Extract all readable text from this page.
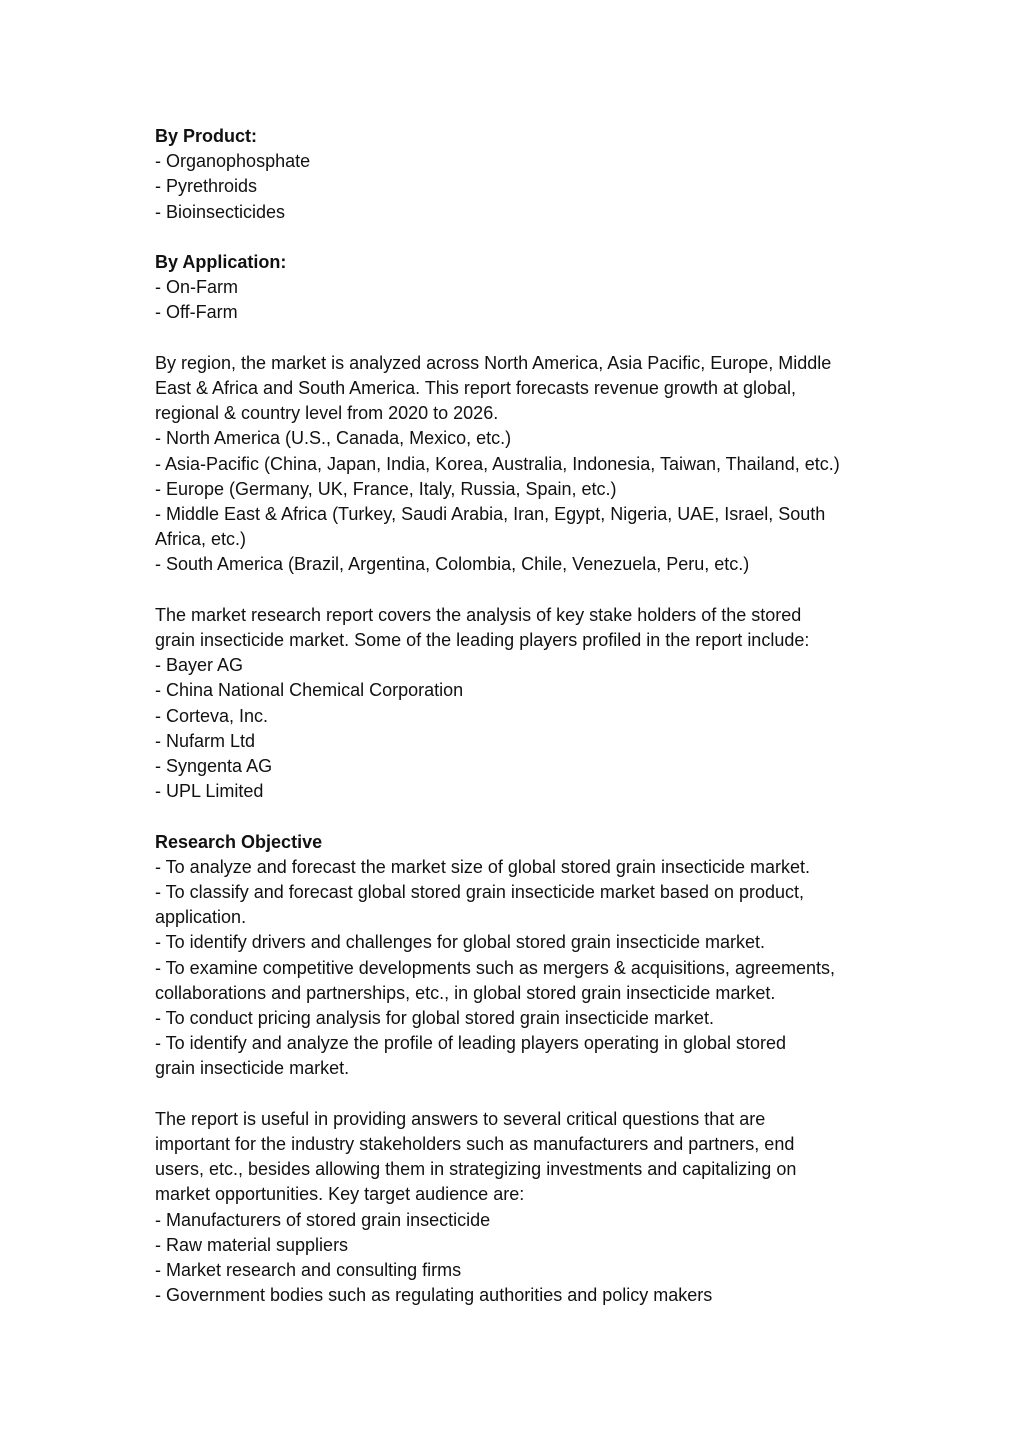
By Product:
- Organophosphate
- Pyrethroids
- Bioinsecticides
By Application:
- On-Farm
- Off-Farm
By region, the market is analyzed across North America, Asia Pacific, Europe, Middle
East & Africa and South America. This report forecasts revenue growth at global,
regional & country level from 2020 to 2026.
- North America (U.S., Canada, Mexico, etc.)
- Asia-Pacific (China, Japan, India, Korea, Australia, Indonesia, Taiwan, Thailand, etc.)
- Europe (Germany, UK, France, Italy, Russia, Spain, etc.)
- Middle East & Africa (Turkey, Saudi Arabia, Iran, Egypt, Nigeria, UAE, Israel, South
Africa, etc.)
- South America (Brazil, Argentina, Colombia, Chile, Venezuela, Peru, etc.)
The market research report covers the analysis of key stake holders of the stored
grain insecticide market. Some of the leading players profiled in the report include:
- Bayer AG
- China National Chemical Corporation
- Corteva, Inc.
- Nufarm Ltd
- Syngenta AG
- UPL Limited
Research Objective
- To analyze and forecast the market size of global stored grain insecticide market.
- To classify and forecast global stored grain insecticide market based on product,
application.
- To identify drivers and challenges for global stored grain insecticide market.
- To examine competitive developments such as mergers & acquisitions, agreements,
collaborations and partnerships, etc., in global stored grain insecticide market.
- To conduct pricing analysis for global stored grain insecticide market.
- To identify and analyze the profile of leading players operating in global stored
grain insecticide market.
The report is useful in providing answers to several critical questions that are
important for the industry stakeholders such as manufacturers and partners, end
users, etc., besides allowing them in strategizing investments and capitalizing on
market opportunities. Key target audience are:
- Manufacturers of stored grain insecticide
- Raw material suppliers
- Market research and consulting firms
- Government bodies such as regulating authorities and policy makers
